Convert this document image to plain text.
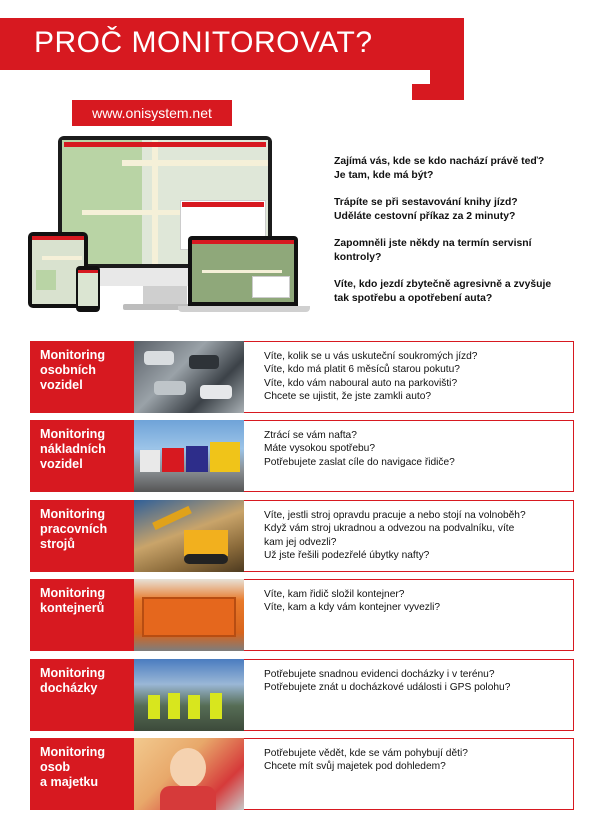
PROČ MONITOROVAT?
www.onisystem.net
Zajímá vás, kde se kdo nachází právě teď?
Je tam, kde má být?
Trápíte se při sestavování knihy jízd?
Uděláte cestovní příkaz za 2 minuty?
Zapomněli jste někdy na termín servisní
kontroly?
Víte, kdo jezdí zbytečně agresivně a zvyšuje
tak spotřebu a opotřebení auta?
Monitoring
osobních
vozidel
Víte, kolik se u vás uskuteční soukromých jízd?
Víte, kdo má platit 6 měsíců starou pokutu?
Víte, kdo vám naboural auto na parkovišti?
Chcete se ujistit, že jste zamkli auto?
Monitoring
nákladních
vozidel
Ztrácí se vám nafta?
Máte vysokou spotřebu?
Potřebujete zaslat cíle do navigace řidiče?
Monitoring
pracovních
strojů
Víte, jestli stroj opravdu pracuje a nebo stojí na volnoběh?
Když vám stroj ukradnou a odvezou na podvalníku, víte
kam jej odvezli?
Už jste řešili podezřelé úbytky nafty?
Monitoring
kontejnerů
Víte, kam řidič složil kontejner?
Víte, kam a kdy vám kontejner vyvezli?
Monitoring
docházky
Potřebujete snadnou evidenci docházky i v terénu?
Potřebujete znát u docházkové události i GPS polohu?
Monitoring
osob
a majetku
Potřebujete vědět, kde se vám pohybují děti?
Chcete mít svůj majetek pod dohledem?
